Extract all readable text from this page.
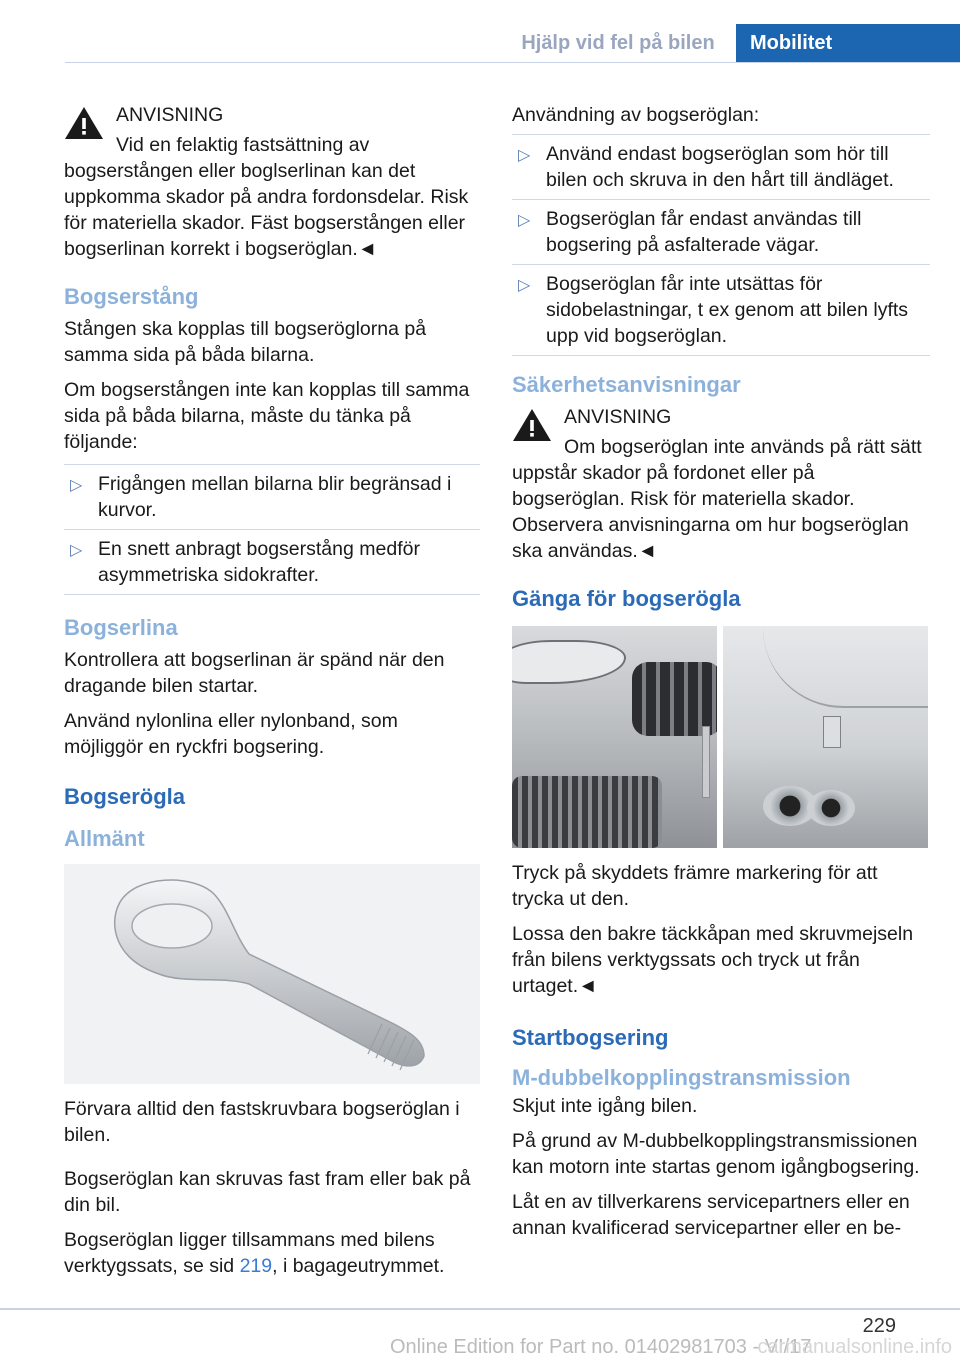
Hjälp vid fel på bilen	Mobilitet

ANVISNING

Vid en felaktig fastsättning av bogserstången eller boglserlinan kan det uppkomma skador på andra fordonsdelar. Risk för materiella skador. Fäst bogserstången eller bogserlinan korrekt i bogseröglan.◄

Bogserstång

Stången ska kopplas till bogseröglorna på samma sida på båda bilarna.

Om bogserstången inte kan kopplas till samma sida på båda bilarna, måste du tänka på följande:

▷ Frigången mellan bilarna blir begränsad i kurvor.
▷ En snett anbragt bogserstång medför asymmetriska sidokrafter.
Bogserlina

Kontrollera att bogserlinan är spänd när den dragande bilen startar.

Använd nylonlina eller nylonband, som möjliggör en ryckfri bogsering.

Bogserögla
Allmänt

Förvara alltid den fastskruvbara bogseröglan i bilen.

Bogseröglan kan skruvas fast fram eller bak på din bil.

Bogseröglan ligger tillsammans med bilens verktygssats, se sid 219, i bagageutrymmet.

Användning av bogseröglan:

▷ Använd endast bogseröglan som hör till bilen och skruva in den hårt till ändläget.
▷ Bogseröglan får endast användas till bogsering på asfalterade vägar.
▷ Bogseröglan får inte utsättas för sidobelastningar, t ex genom att bilen lyfts upp vid bogseröglan.
Säkerhetsanvisningar

ANVISNING

Om bogseröglan inte används på rätt sätt uppstår skador på fordonet eller på bogseröglan. Risk för materiella skador. Observera anvisningarna om hur bogseröglan ska användas.◄

Gänga för bogserögla

Tryck på skyddets främre markering för att trycka ut den.

Lossa den bakre täckkåpan med skruvmejseln från bilens verktygssats och tryck ut från urtaget.◄

Startbogsering
M-dubbelkopplingstransmission

Skjut inte igång bilen.

På grund av M-dubbelkopplingstransmissionen kan motorn inte startas genom igångbogsering.

Låt en av tillverkarens servicepartners eller en annan kvalificerad servicepartner eller en be-

229
Online Edition for Part no. 01402981703 - VI/17
carmanualsonline.info
